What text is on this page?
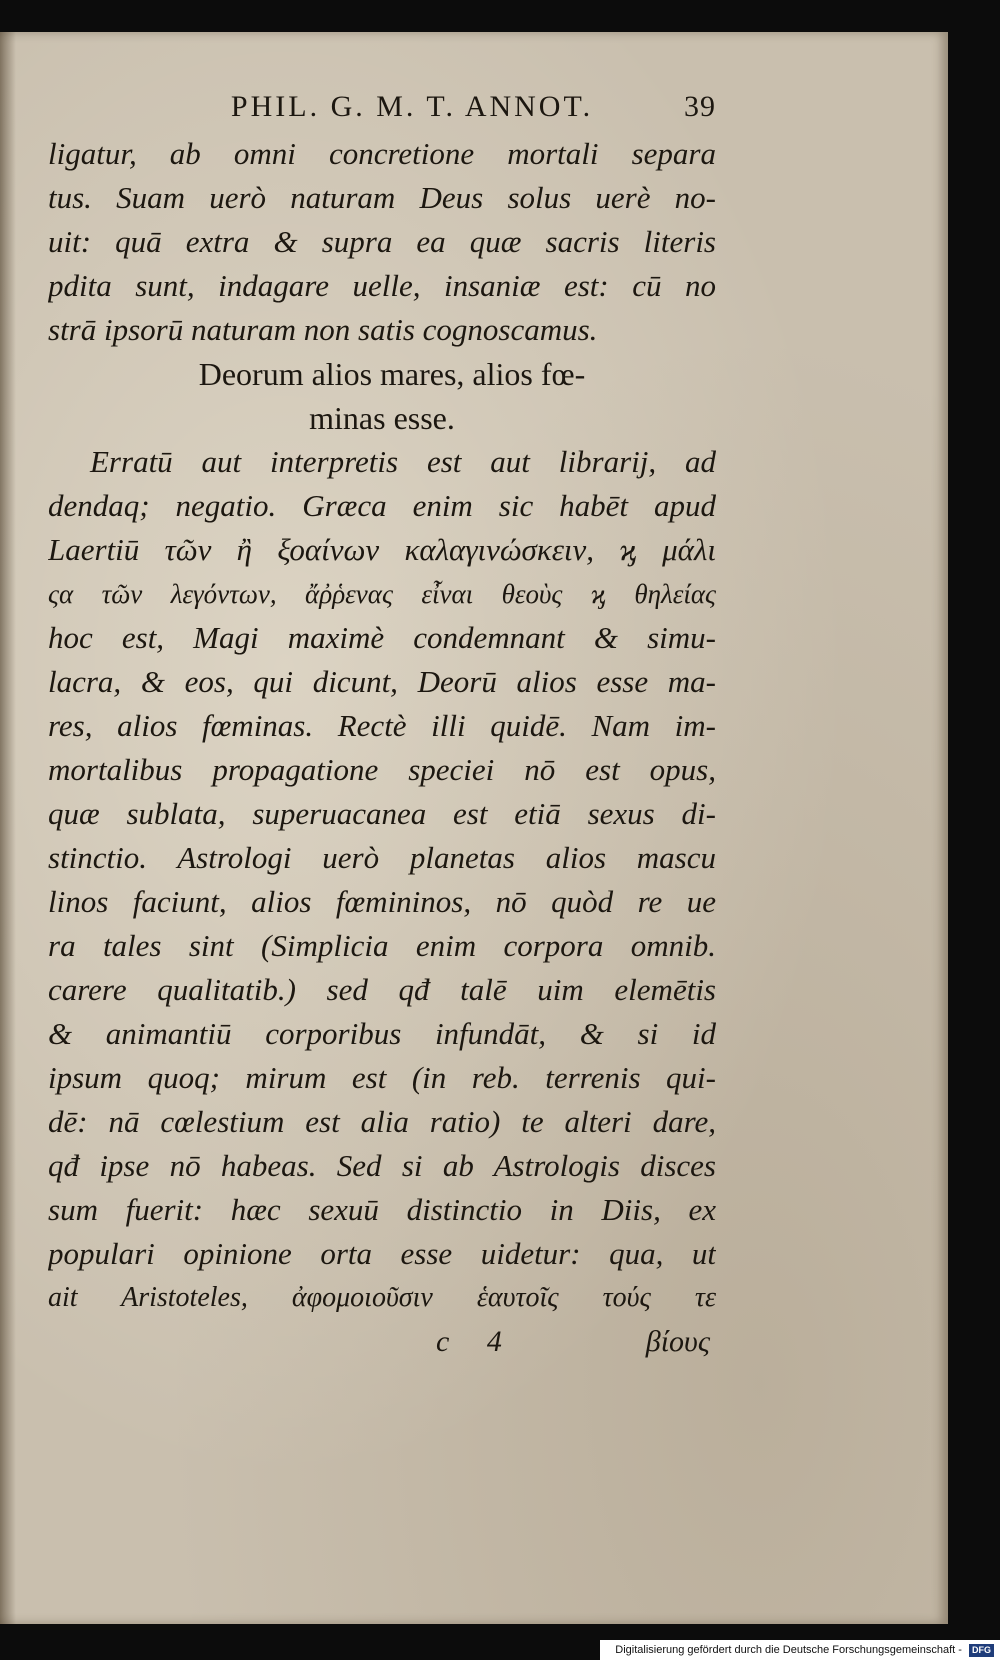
PHIL. G. M. T. ANNOT.	39
ligatur, ab omni concretione mortali separa
tus. Suam uerò naturam Deus solus uerè no-
uit: quā extra & supra ea quæ sacris literis
pdita sunt, indagare uelle, insaniæ est: cū no
strā ipsorū naturam non satis cognoscamus.
Deorum alios mares, alios fœ-
minas esse.
Erratū aut interpretis est aut librarij, ad
dendaq; negatio. Græca enim sic habēt apud
Laertiū τῶν ἢ ξοαίνων καλαγινώσκειν, ϗ μάλι
ςα τῶν λεγόντων, ἄῤῥενας εἶναι θεοὺς ϗ θηλείας
hoc est, Magi maximè condemnant & simu-
lacra, & eos, qui dicunt, Deorū alios esse ma-
res, alios fœminas. Rectè illi quidē. Nam im-
mortalibus propagatione speciei nō est opus,
quæ sublata, superuacanea est etiā sexus di-
stinctio. Astrologi uerò planetas alios mascu
linos faciunt, alios fœmininos, nō quòd re ue
ra tales sint (Simplicia enim corpora omnib.
carere qualitatib.) sed qđ talē uim elemētis
& animantiū corporibus infundāt, & si id
ipsum quoq; mirum est (in reb. terrenis qui-
dē: nā cœlestium est alia ratio) te alteri dare,
qđ ipse nō habeas. Sed si ab Astrologis disces
sum fuerit: hæc sexuū distinctio in Diis, ex
populari opinione orta esse uidetur: qua, ut
ait Aristoteles, ἀφομοιοῦσιν ἑαυτοῖς τούς τε
c 4	βίους
Digitalisierung gefördert durch die Deutsche Forschungsgemeinschaft - DFG
